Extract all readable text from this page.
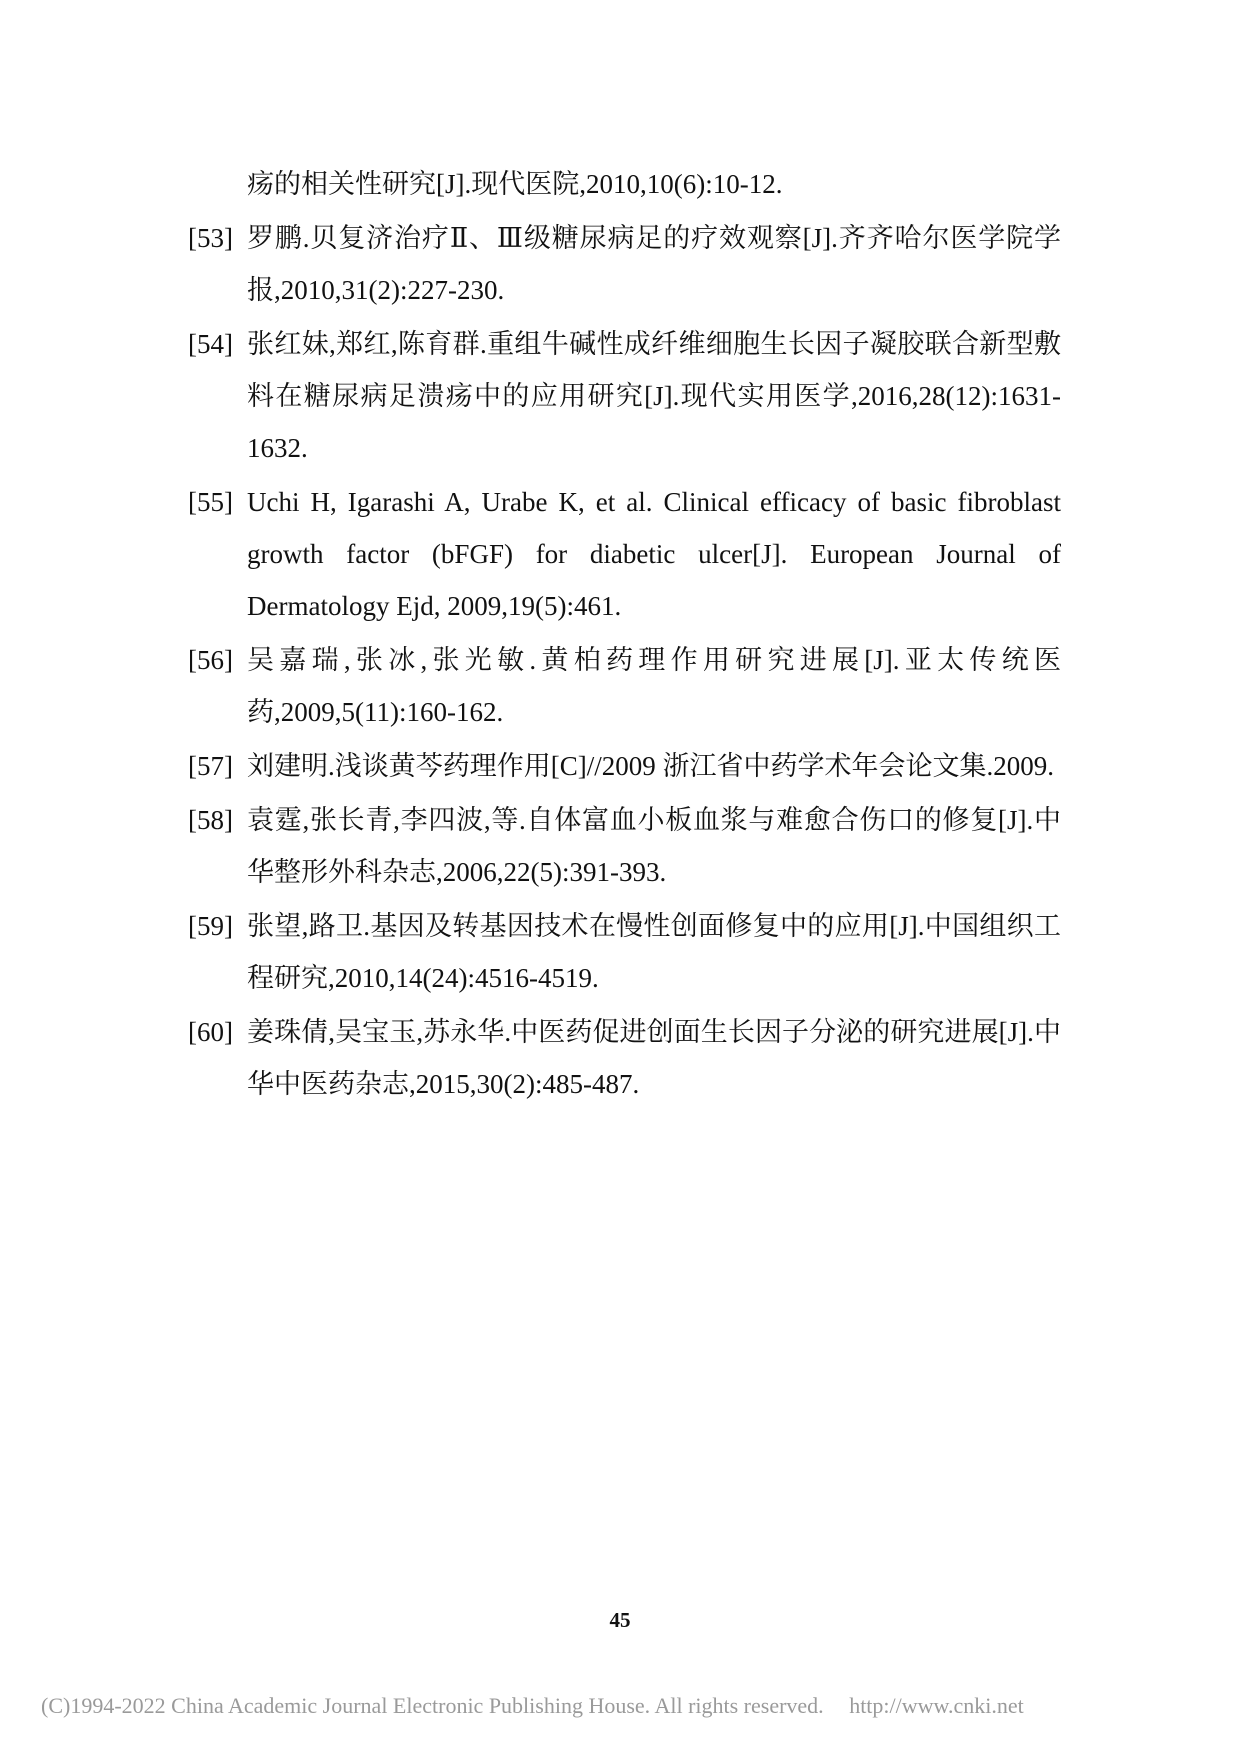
疡的相关性研究[J].现代医院,2010,10(6):10-12.
[53] 罗鹏.贝复济治疗Ⅱ、Ⅲ级糖尿病足的疗效观察[J].齐齐哈尔医学院学报,2010,31(2):227-230.
[54] 张红妹,郑红,陈育群.重组牛碱性成纤维细胞生长因子凝胶联合新型敷料在糖尿病足溃疡中的应用研究[J].现代实用医学,2016,28(12):1631-1632.
[55] Uchi H, Igarashi A, Urabe K, et al. Clinical efficacy of basic fibroblast growth factor (bFGF) for diabetic ulcer[J]. European Journal of Dermatology Ejd, 2009,19(5):461.
[56] 吴嘉瑞,张冰,张光敏.黄柏药理作用研究进展[J].亚太传统医药,2009,5(11):160-162.
[57] 刘建明.浅谈黄芩药理作用[C]//2009 浙江省中药学术年会论文集.2009.
[58] 袁霆,张长青,李四波,等.自体富血小板血浆与难愈合伤口的修复[J].中华整形外科杂志,2006,22(5):391-393.
[59] 张望,路卫.基因及转基因技术在慢性创面修复中的应用[J].中国组织工程研究,2010,14(24):4516-4519.
[60] 姜珠倩,吴宝玉,苏永华.中医药促进创面生长因子分泌的研究进展[J].中华中医药杂志,2015,30(2):485-487.
45
(C)1994-2022 China Academic Journal Electronic Publishing House. All rights reserved. http://www.cnki.net
